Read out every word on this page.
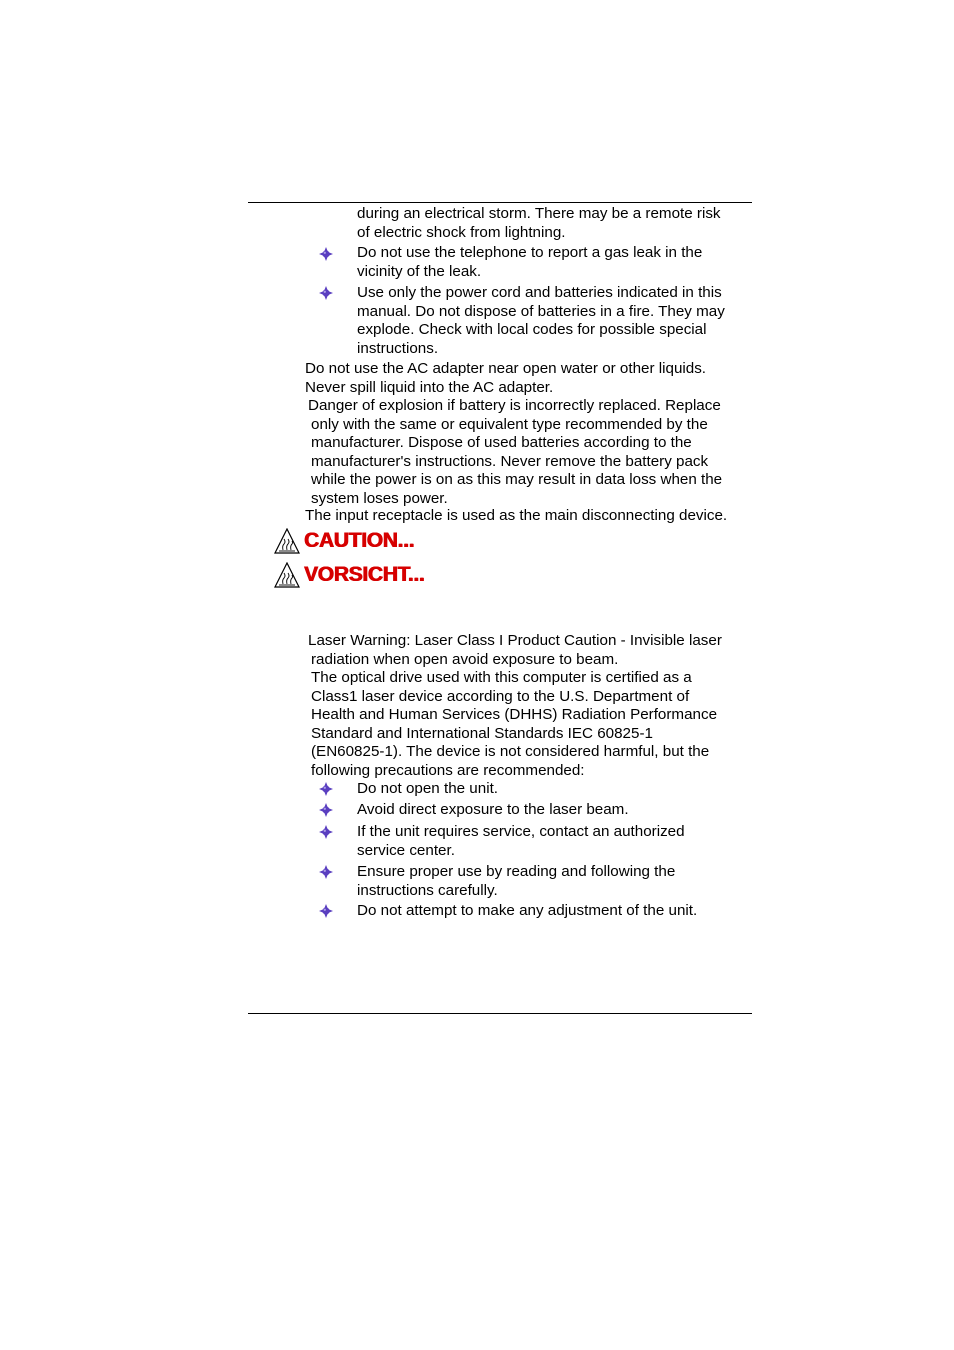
during an electrical storm. There may be a remote risk
of electric shock from lightning.
Do not use the telephone to report a gas leak in the
vicinity of the leak.
Use only the power cord and batteries indicated in this
manual. Do not dispose of batteries in a fire. They may
explode. Check with local codes for possible special
instructions.
Do not use the AC adapter near open water or other liquids.
Never spill liquid into the AC adapter.
Danger of explosion if battery is incorrectly replaced. Replace
only with the same or equivalent type recommended by the
manufacturer. Dispose of used batteries according to the
manufacturer's instructions. Never remove the battery pack
while the power is on as this may result in data loss when the
system loses power.
The input receptacle is used as the main disconnecting device.
CAUTION...
VORSICHT...
Laser Warning: Laser Class I Product Caution - Invisible laser
radiation when open avoid exposure to beam.
The optical drive used with this computer is certified as a
Class1 laser device according to the U.S. Department of
Health and Human Services (DHHS) Radiation Performance
Standard and International Standards IEC 60825-1
(EN60825-1). The device is not considered harmful, but the
following precautions are recommended:
Do not open the unit.
Avoid direct exposure to the laser beam.
If the unit requires service, contact an authorized
service center.
Ensure proper use by reading and following the
instructions carefully.
Do not attempt to make any adjustment of the unit.
